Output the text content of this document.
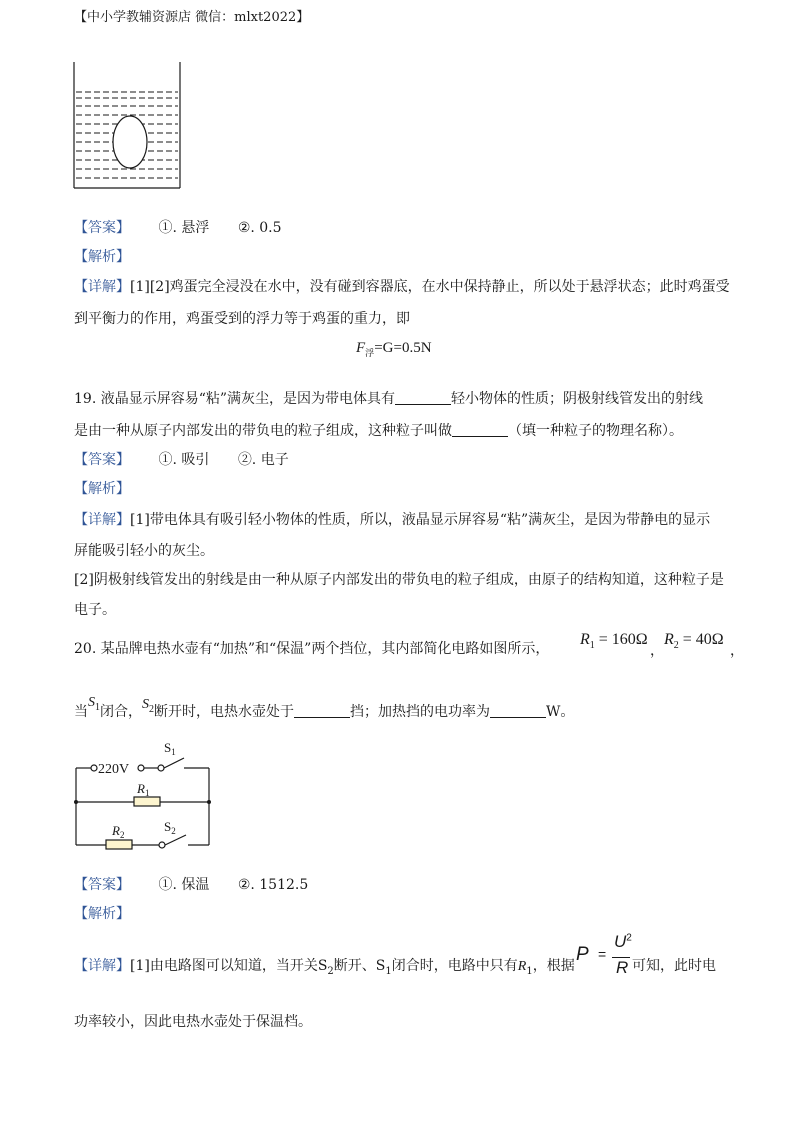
【中小学教辅资源店 微信：mlxt2022】
【答案】 ①. 悬浮 ②. 0.5
【解析】
【详解】[1][2]鸡蛋完全浸没在水中，没有碰到容器底，在水中保持静止，所以处于悬浮状态；此时鸡蛋受
到平衡力的作用，鸡蛋受到的浮力等于鸡蛋的重力，即
$F_浮=G=0.5N$
19. 液晶显示屏容易“粘”满灰尘，是因为带电体具有	轻小物体的性质；阴极射线管发出的射线
是由一种从原子内部发出的带负电的粒子组成，这种粒子叫做	（填一种粒子的物理名称）。
【答案】 ①. 吸引 ②. 电子
【解析】
【详解】[1]带电体具有吸引轻小物体的性质，所以，液晶显示屏容易“粘”满灰尘，是因为带静电的显示
屏能吸引轻小的灰尘。
[2]阴极射线管发出的射线是由一种从原子内部发出的带负电的粒子组成，由原子的结构知道，这种粒子是
电子。
20. 某品牌电热水壶有“加热”和“保温”两个挡位，其内部简化电路如图所示，
$R_1 = 160\Omega$
，
$R_2 = 40\Omega$
，
当$S_1$闭合，$S_2$断开时，电热水壶处于	挡；加热挡的电功率为	W。
220V
$S_1$
$R_1$
$R_2$
$S_2$
【答案】 ①. 保温 ②. 1512.5
【解析】
【详解】[1]由电路图可以知道，当开关$S_2$断开、$S_1$闭合时，电路中只有$R_1$，根据
P =
$U^2$
R 可知，此时电
功率较小，因此电热水壶处于保温档。
